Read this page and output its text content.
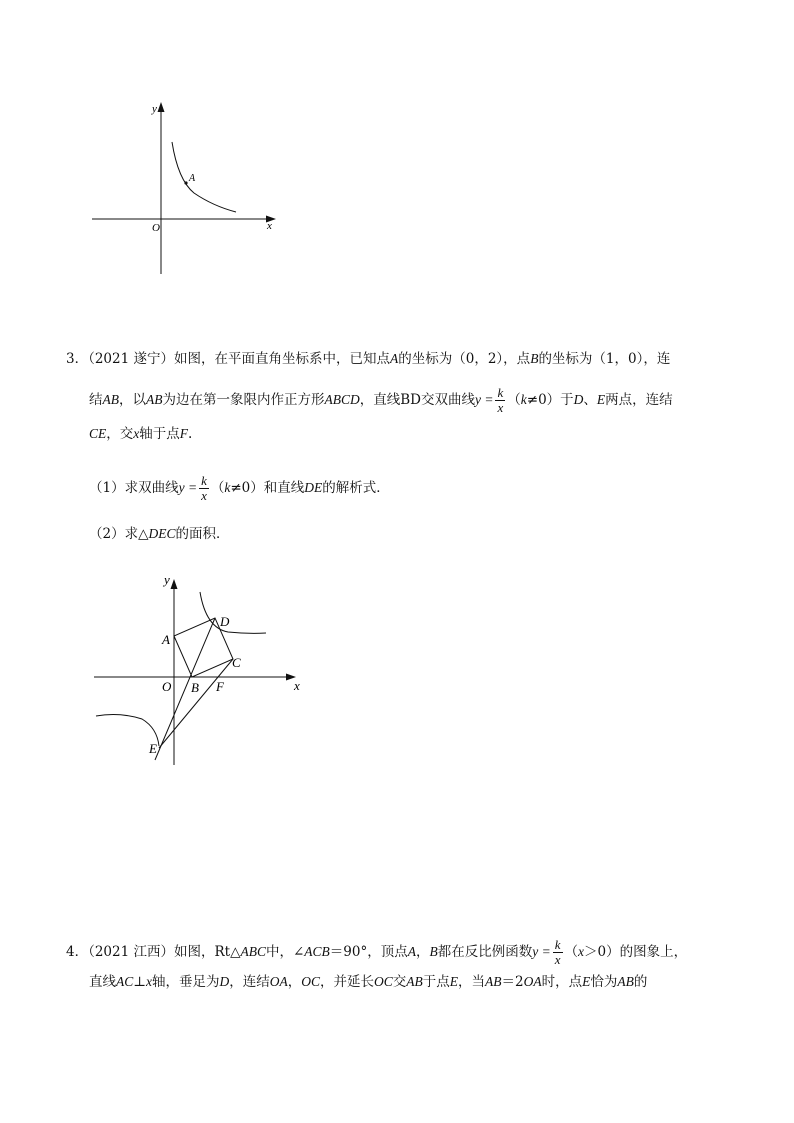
y
x
O
A
3．（2021 遂宁）如图，在平面直角坐标系中，已知点A的坐标为（0，2），点B的坐标为（1，0），连
结AB，以AB为边在第一象限内作正方形ABCD，直线BD交双曲线$y = \frac{k}{x} (k\ne 0)$于D、E两点，连结
CE，交x轴于点F.
（1）求双曲线$y = \frac{k}{x} (k\ne 0)$和直线DE的解析式．
（2）求△DEC的面积．
y
x
O
A
B
C
D
E
F
4．（2021 江西）如图，Rt△ABC中，∠ACB＝90°，顶点A，B都在反比例函数$y = \frac{k}{x} (x>0)$的图象上，
直线AC⊥x轴，垂足为D，连结OA，OC，并延长OC交AB于点E，当AB＝2OA时，点E恰为AB的
